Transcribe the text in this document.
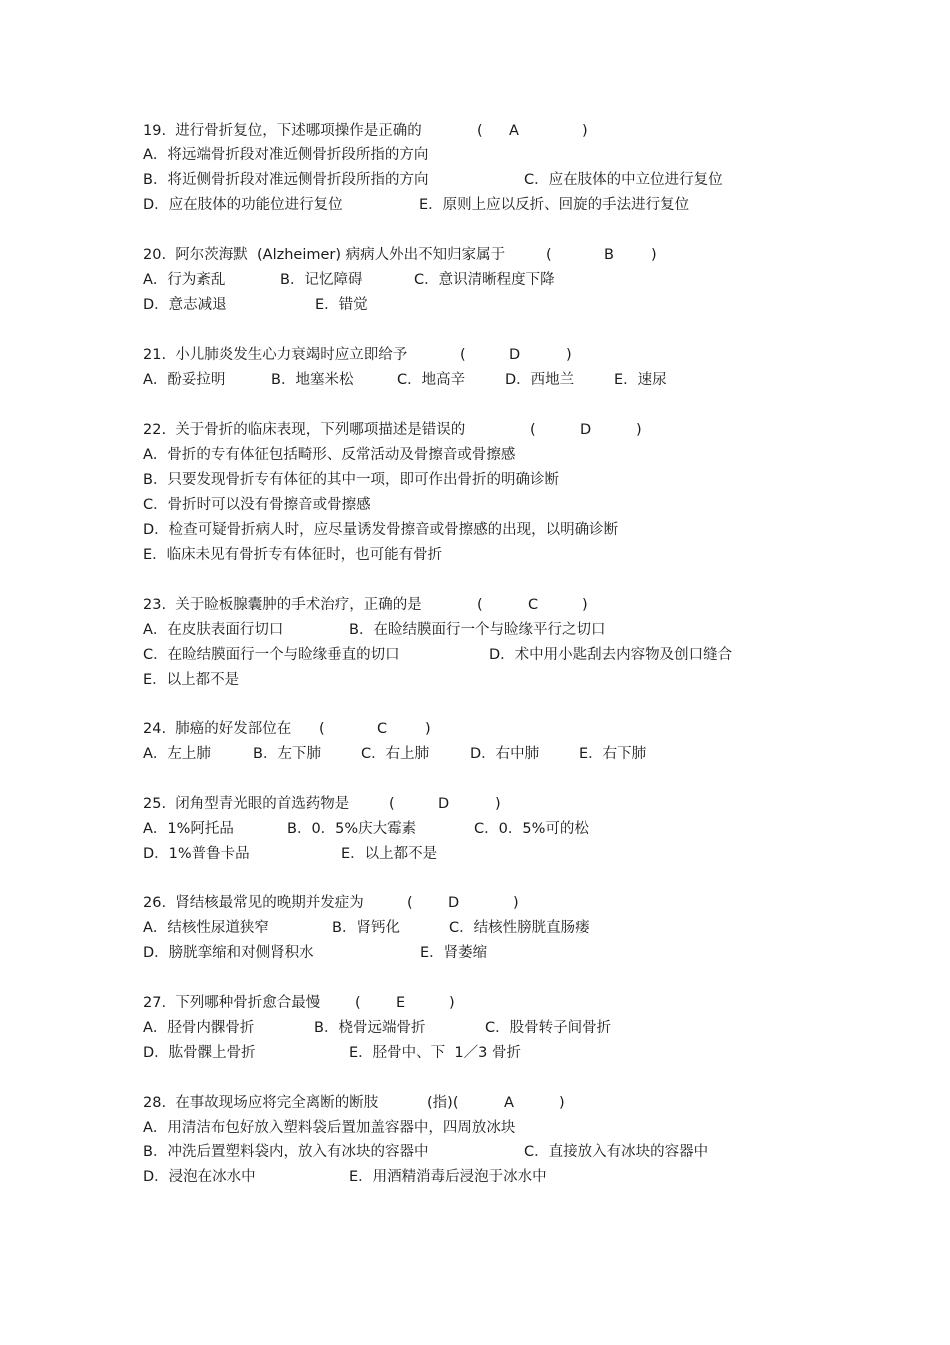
19.  进行骨折复位，下述哪项操作是正确的	( A	)
A．将远端骨折段对准近侧骨折段所指的方向
B．将近侧骨折段对准远侧骨折段所指的方向	C．应在肢体的中立位进行复位
D．应在肢体的功能位进行复位	E．原则上应以反折、回旋的手法进行复位
20.  阿尔茨海默  (Alzheimer) 病病人外出不知归家属于	(	B	)
A．行为紊乱	B．记忆障碍	C．意识清晰程度下降
D．意志减退	E．错觉
21.  小儿肺炎发生心力衰竭时应立即给予	(	D	)
A．酚妥拉明	B．地塞米松	C．地高辛	D．西地兰	E．速尿
22.  关于骨折的临床表现，下列哪项描述是错误的	(	D	)
A．骨折的专有体征包括畸形、反常活动及骨擦音或骨擦感
B．只要发现骨折专有体征的其中一项，即可作出骨折的明确诊断
C．骨折时可以没有骨擦音或骨擦感
D．检查可疑骨折病人时，应尽量诱发骨擦音或骨擦感的出现，以明确诊断
E．临床未见有骨折专有体征时，也可能有骨折
23.  关于睑板腺囊肿的手术治疗，正确的是	(	C	)
A．在皮肤表面行切口	B．在睑结膜面行一个与睑缘平行之切口
C．在睑结膜面行一个与睑缘垂直的切口	D．术中用小匙刮去内容物及创口缝合
E．以上都不是
24.  肺癌的好发部位在 (	C	)
A．左上肺	B．左下肺	C．右上肺	D．右中肺	E．右下肺
25.  闭角型青光眼的首选药物是	(	D	)
A．1%阿托品	B．0．5%庆大霉素	C．0．5%可的松
D．1%普鲁卡品	E．以上都不是
26.  肾结核最常见的晚期并发症为	( D	)
A．结核性尿道狭窄	B．肾钙化	C．结核性膀胱直肠瘘
D．膀胱挛缩和对侧肾积水	E．肾萎缩
27.  下列哪种骨折愈合最慢 ( E	)
A．胫骨内髁骨折	B．桡骨远端骨折	C．股骨转子间骨折
D．肱骨髁上骨折	E．胫骨中、下  1／3 骨折
28.  在事故现场应将完全离断的断肢	(指)(	A	)
A．用清洁布包好放入塑料袋后置加盖容器中，四周放冰块
B．冲洗后置塑料袋内，放入有冰块的容器中	C．直接放入有冰块的容器中
D．浸泡在冰水中	E．用酒精消毒后浸泡于冰水中
